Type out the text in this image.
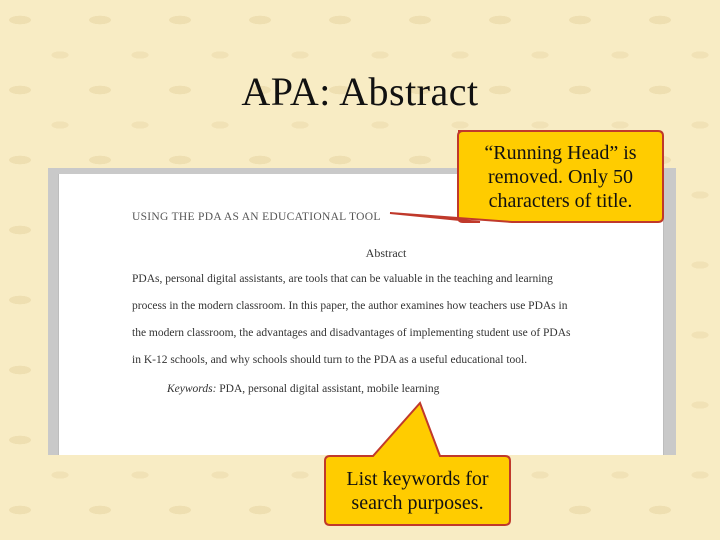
APA: Abstract
USING THE PDA AS AN EDUCATIONAL TOOL
Abstract
PDAs, personal digital assistants, are tools that can be valuable in the teaching and learning
process in the modern classroom. In this paper, the author examines how teachers use PDAs in
the modern classroom, the advantages and disadvantages of implementing student use of PDAs
in K-12 schools, and why schools should turn to the PDA as a useful educational tool.
Keywords: PDA, personal digital assistant, mobile learning
“Running Head” is
removed. Only 50
characters of title.
List keywords for
search purposes.
